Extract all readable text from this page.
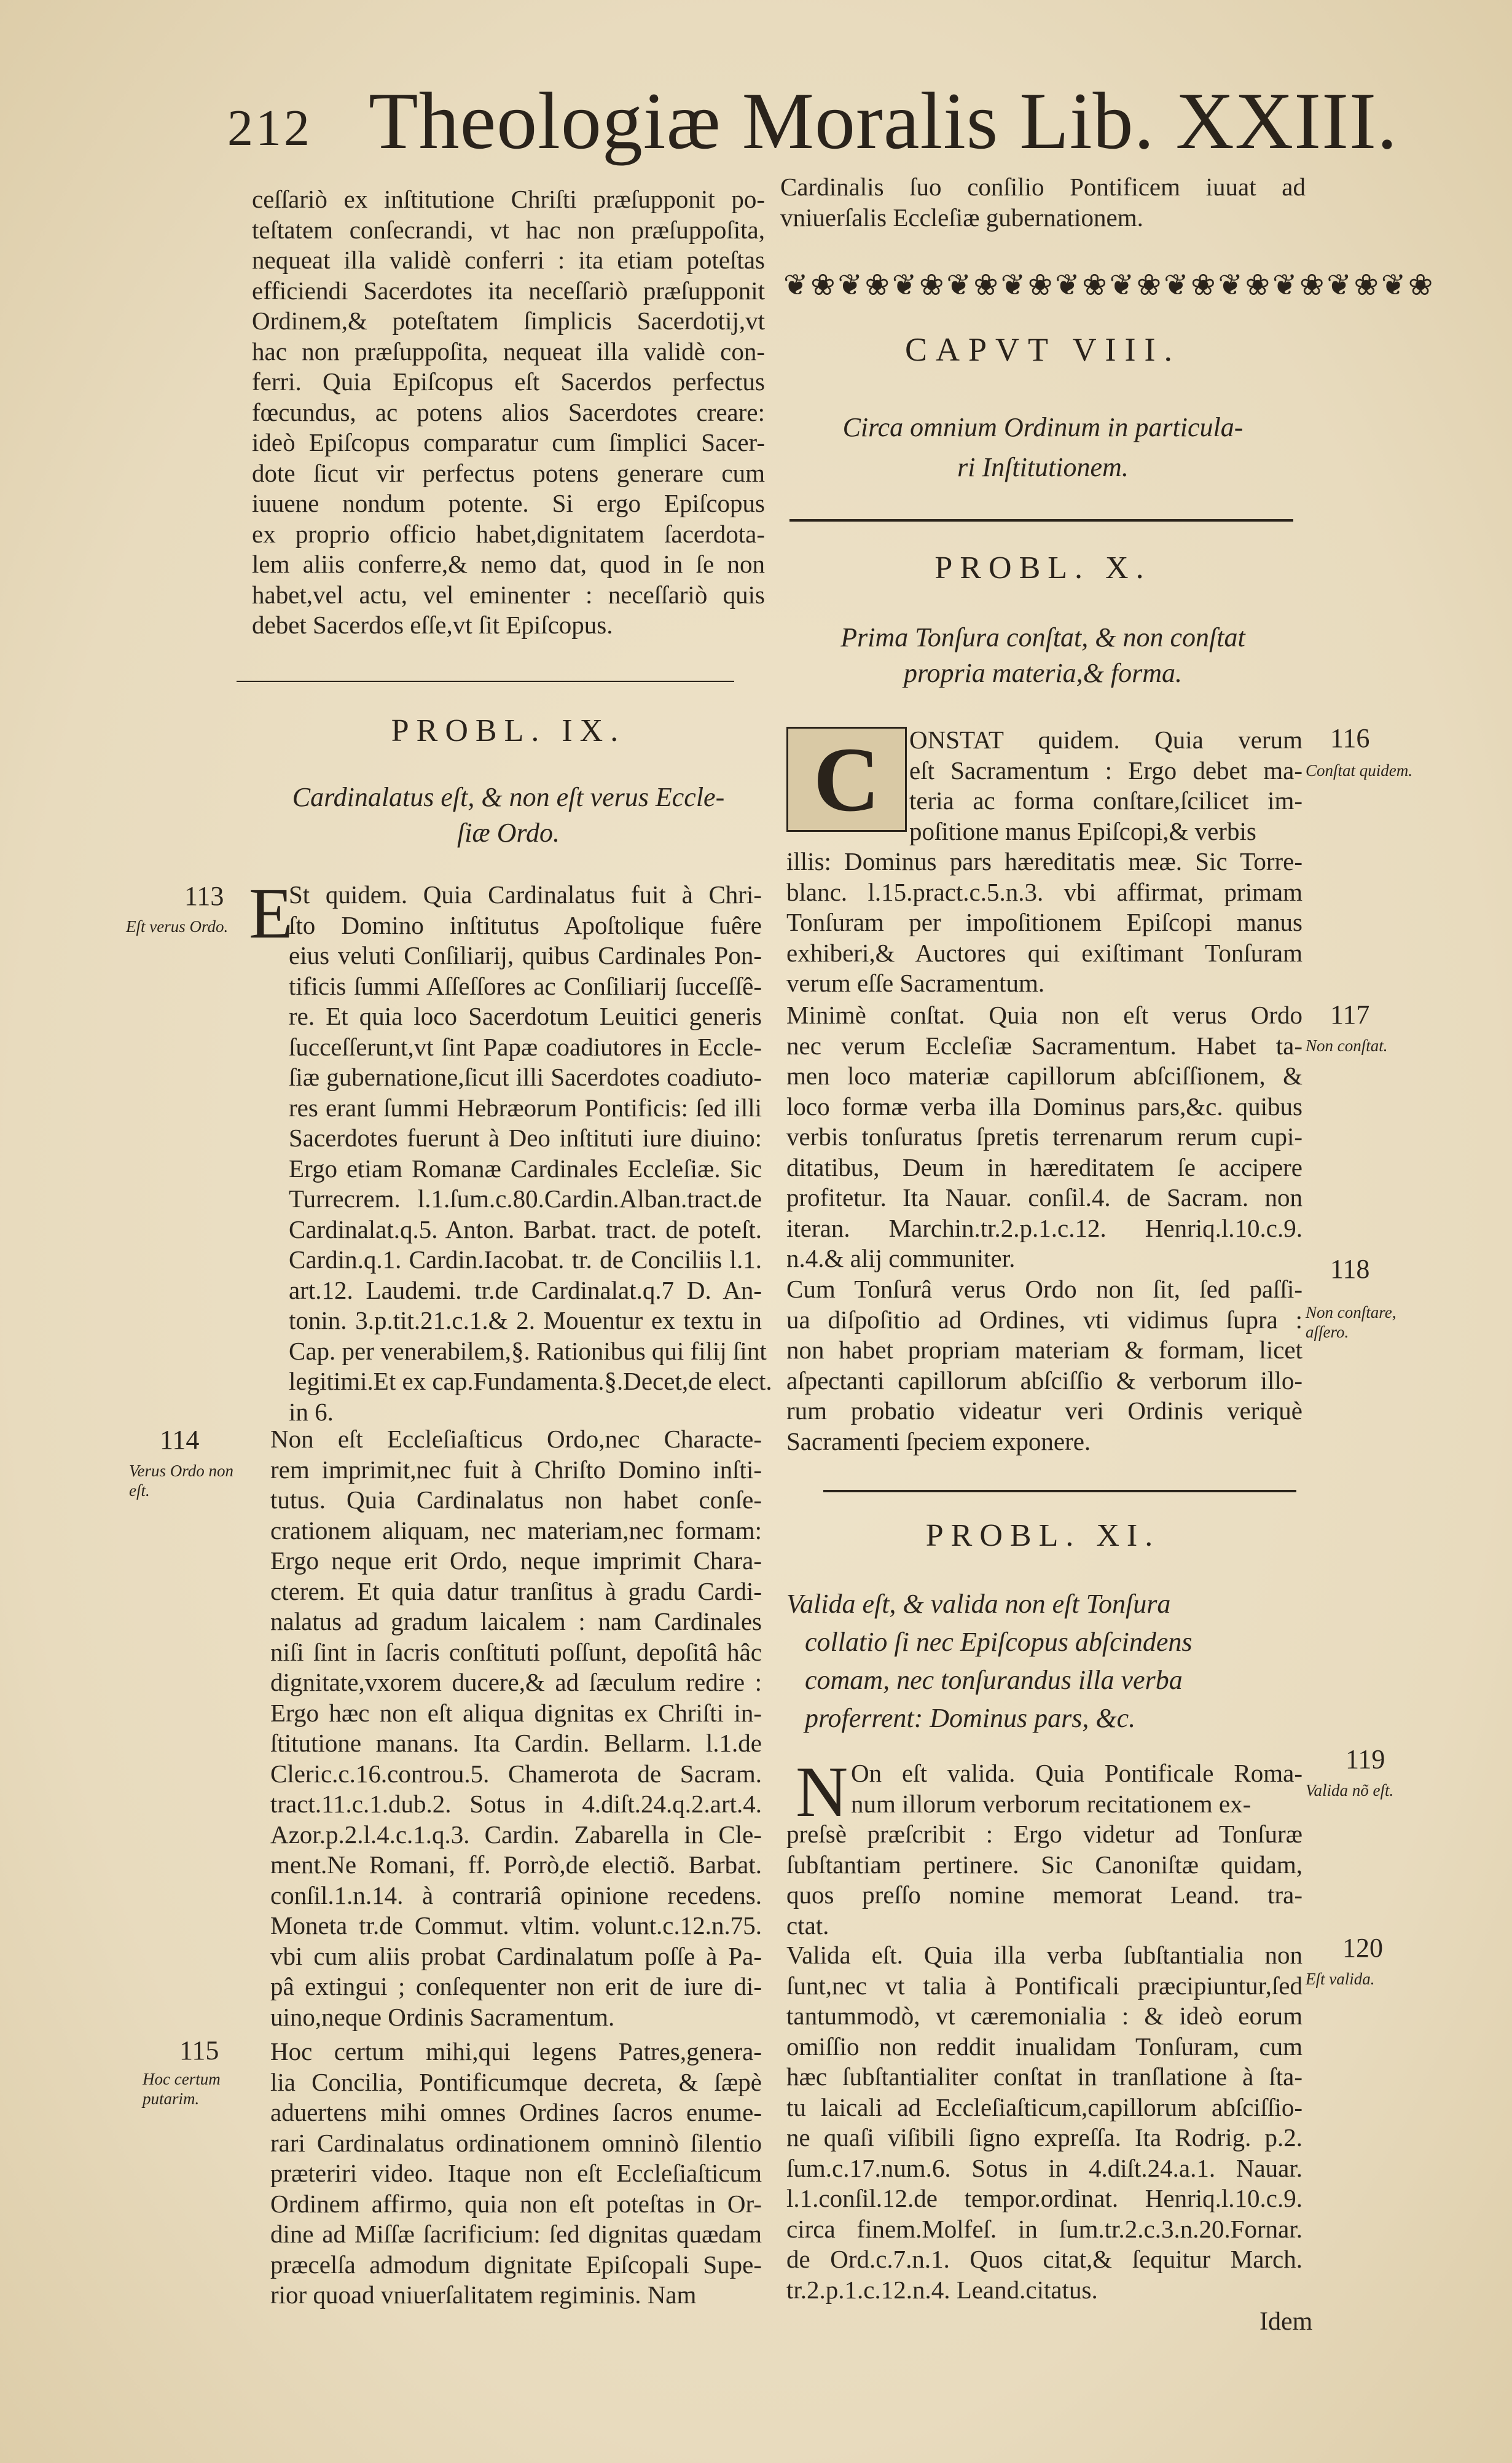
212 Theologiæ Moralis Lib. XXIII.
ceſſariò ex inſtitutione Chriſti præſupponit po-
teſtatem conſecrandi, vt hac non præſuppoſita,
nequeat illa validè conferri : ita etiam poteſtas
efficiendi Sacerdotes ita neceſſariò præſupponit
Ordinem,& poteſtatem ſimplicis Sacerdotij,vt
hac non præſuppoſita, nequeat illa validè con-
ferri. Quia Epiſcopus eſt Sacerdos perfectus
fœcundus, ac potens alios Sacerdotes creare:
ideò Epiſcopus comparatur cum ſimplici Sacer-
dote ſicut vir perfectus potens generare cum
iuuene nondum potente. Si ergo Epiſcopus
ex proprio officio habet,dignitatem ſacerdota-
lem aliis conferre,& nemo dat, quod in ſe non
habet,vel actu, vel eminenter : neceſſariò quis
debet Sacerdos eſſe,vt ſit Epiſcopus.
PROBL. IX.
Cardinalatus eſt, & non eſt verus Eccle-
ſiæ Ordo.
E
St quidem. Quia Cardinalatus fuit à Chri-
ſto Domino inſtitutus Apoſtolique fuêre
eius veluti Conſiliarij, quibus Cardinales Pon-
tificis ſummi Aſſeſſores ac Conſiliarij ſucceſſê-
re. Et quia loco Sacerdotum Leuitici generis
ſucceſſerunt,vt ſint Papæ coadiutores in Eccle-
ſiæ gubernatione,ſicut illi Sacerdotes coadiuto-
res erant ſummi Hebræorum Pontificis: ſed illi
Sacerdotes fuerunt à Deo inſtituti iure diuino:
Ergo etiam Romanæ Cardinales Eccleſiæ. Sic
Turrecrem. l.1.ſum.c.80.Cardin.Alban.tract.de
Cardinalat.q.5. Anton. Barbat. tract. de poteſt.
Cardin.q.1. Cardin.Iacobat. tr. de Conciliis l.1.
art.12. Laudemi. tr.de Cardinalat.q.7 D. An-
tonin. 3.p.tit.21.c.1.& 2. Mouentur ex textu in
Cap. per venerabilem,§. Rationibus qui filij ſint
legitimi.Et ex cap.Fundamenta.§.Decet,de elect.
in 6.
Non eſt Eccleſiaſticus Ordo,nec Characte-
rem imprimit,nec fuit à Chriſto Domino inſti-
tutus. Quia Cardinalatus non habet conſe-
crationem aliquam, nec materiam,nec formam:
Ergo neque erit Ordo, neque imprimit Chara-
cterem. Et quia datur tranſitus à gradu Cardi-
nalatus ad gradum laicalem : nam Cardinales
niſi ſint in ſacris conſtituti poſſunt, depoſitâ hâc
dignitate,vxorem ducere,& ad ſæculum redire :
Ergo hæc non eſt aliqua dignitas ex Chriſti in-
ſtitutione manans. Ita Cardin. Bellarm. l.1.de
Cleric.c.16.controu.5. Chamerota de Sacram.
tract.11.c.1.dub.2. Sotus in 4.diſt.24.q.2.art.4.
Azor.p.2.l.4.c.1.q.3. Cardin. Zabarella in Cle-
ment.Ne Romani, ff. Porrò,de electiõ. Barbat.
conſil.1.n.14. à contrariâ opinione recedens.
Moneta tr.de Commut. vltim. volunt.c.12.n.75.
vbi cum aliis probat Cardinalatum poſſe à Pa-
pâ extingui ; conſequenter non erit de iure di-
uino,neque Ordinis Sacramentum.
Hoc certum mihi,qui legens Patres,genera-
lia Concilia, Pontificumque decreta, & ſæpè
aduertens mihi omnes Ordines ſacros enume-
rari Cardinalatus ordinationem omninò ſilentio
præteriri video. Itaque non eſt Eccleſiaſticum
Ordinem affirmo, quia non eſt poteſtas in Or-
dine ad Miſſæ ſacrificium: ſed dignitas quædam
præcelſa admodum dignitate Epiſcopali Supe-
rior quoad vniuerſalitatem regiminis. Nam
113
Eſt verus Ordo.
114
Verus Ordo non eſt.
115
Hoc certum putarim.
Cardinalis ſuo conſilio Pontificem iuuat ad
vniuerſalis Eccleſiæ gubernationem.
❦❀❦❀❦❀❦❀❦❀❦❀❦❀❦❀❦❀❦❀❦❀❦❀
CAPVT VIII.
Circa omnium Ordinum in particula-
ri Inſtitutionem.
PROBL. X.
Prima Tonſura conſtat, & non conſtat
propria materia,& forma.
C ONSTAT quidem. Quia verum
eſt Sacramentum : Ergo debet ma-
teria ac forma conſtare,ſcilicet im-
poſitione manus Epiſcopi,& verbis
illis: Dominus pars hæreditatis meæ. Sic Torre-
blanc. l.15.pract.c.5.n.3. vbi affirmat, primam
Tonſuram per impoſitionem Epiſcopi manus
exhiberi,& Auctores qui exiſtimant Tonſuram
verum eſſe Sacramentum.
Minimè conſtat. Quia non eſt verus Ordo
nec verum Eccleſiæ Sacramentum. Habet ta-
men loco materiæ capillorum abſciſſionem, &
loco formæ verba illa Dominus pars,&c. quibus
verbis tonſuratus ſpretis terrenarum rerum cupi-
ditatibus, Deum in hæreditatem ſe accipere
profitetur. Ita Nauar. conſil.4. de Sacram. non
iteran. Marchin.tr.2.p.1.c.12. Henriq.l.10.c.9.
n.4.& alij communiter.
Cum Tonſurâ verus Ordo non ſit, ſed paſſi-
ua diſpoſitio ad Ordines, vti vidimus ſupra :
non habet propriam materiam & formam, licet
aſpectanti capillorum abſciſſio & verborum illo-
rum probatio videatur veri Ordinis veriquè
Sacramenti ſpeciem exponere.
PROBL. XI.
Valida eſt, & valida non eſt Tonſura
collatio ſi nec Epiſcopus abſcindens
comam, nec tonſurandus illa verba
proferrent: Dominus pars, &c.
N On eſt valida. Quia Pontificale Roma-
num illorum verborum recitationem ex-
preſsè præſcribit : Ergo videtur ad Tonſuræ
ſubſtantiam pertinere. Sic Canoniſtæ quidam,
quos preſſo nomine memorat Leand. tra-
ctat.
Valida eſt. Quia illa verba ſubſtantialia non
ſunt,nec vt talia à Pontificali præcipiuntur,ſed
tantummodò, vt cæremonialia : & ideò eorum
omiſſio non reddit inualidam Tonſuram, cum
hæc ſubſtantialiter conſtat in tranſlatione à ſta-
tu laicali ad Eccleſiaſticum,capillorum abſciſſio-
ne quaſi viſibili ſigno expreſſa. Ita Rodrig. p.2.
ſum.c.17.num.6. Sotus in 4.diſt.24.a.1. Nauar.
l.1.conſil.12.de tempor.ordinat. Henriq.l.10.c.9.
circa finem.Molfeſ. in ſum.tr.2.c.3.n.20.Fornar.
de Ord.c.7.n.1. Quos citat,& ſequitur March.
tr.2.p.1.c.12.n.4. Leand.citatus.
Idem
116
Conſtat quidem.
117
Non conſtat.
118
Non conſtare, aſſero.
119
Valida nõ eſt.
120
Eſt valida.
